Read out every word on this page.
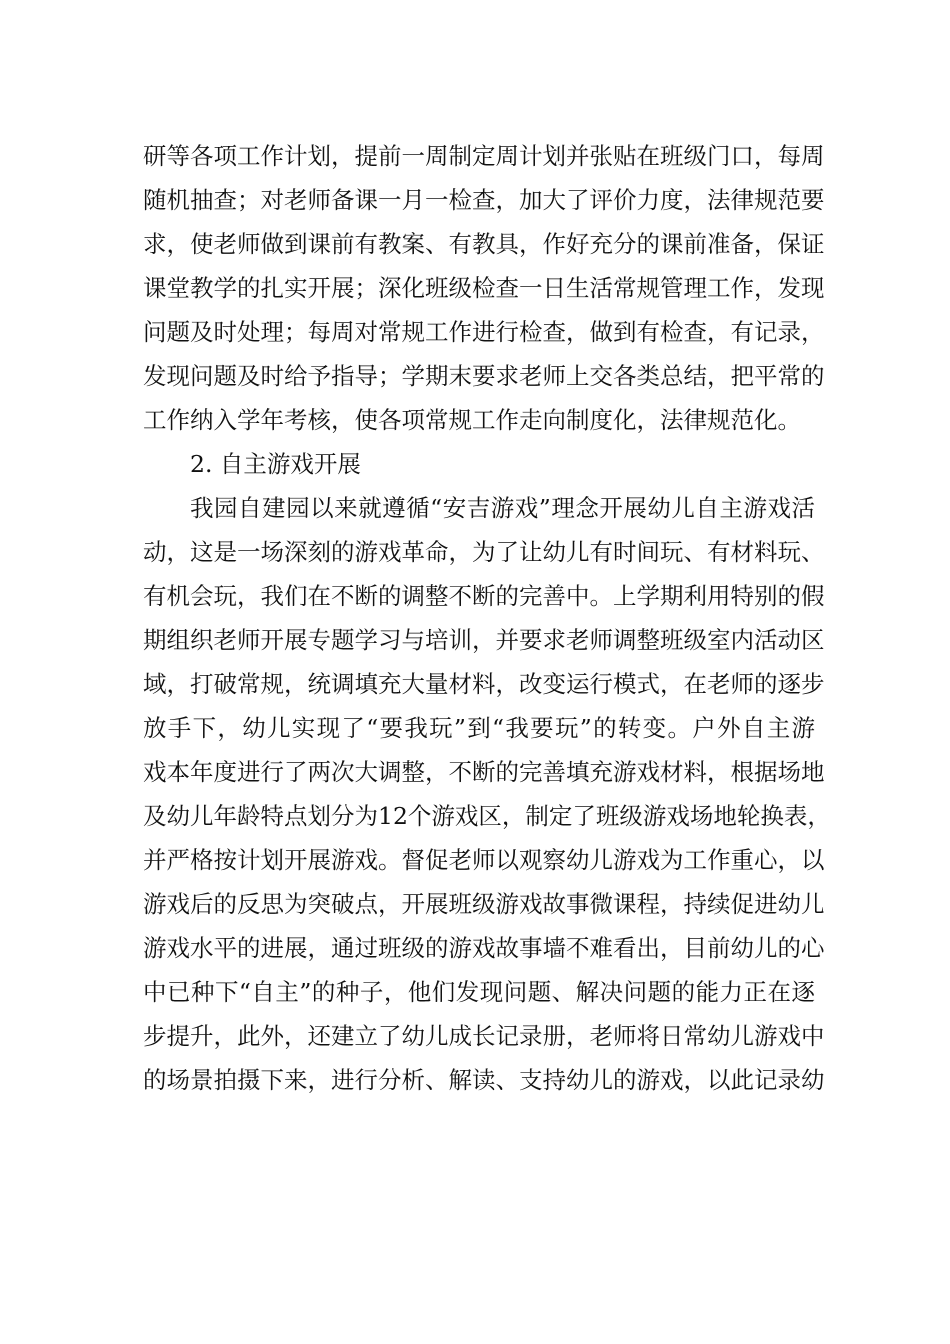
研等各项工作计划，提前一周制定周计划并张贴在班级门口，每周
随机抽查；对老师备课一月一检查，加大了评价力度，法律规范要
求，使老师做到课前有教案、有教具，作好充分的课前准备，保证
课堂教学的扎实开展；深化班级检查一日生活常规管理工作，发现
问题及时处理；每周对常规工作进行检查，做到有检查，有记录，
发现问题及时给予指导；学期末要求老师上交各类总结，把平常的
工作纳入学年考核，使各项常规工作走向制度化，法律规范化。
2. 自主游戏开展
我园自建园以来就遵循“安吉游戏”理念开展幼儿自主游戏活
动，这是一场深刻的游戏革命，为了让幼儿有时间玩、有材料玩、
有机会玩，我们在不断的调整不断的完善中。上学期利用特别的假
期组织老师开展专题学习与培训，并要求老师调整班级室内活动区
域，打破常规，统调填充大量材料，改变运行模式，在老师的逐步
放手下，幼儿实现了“要我玩”到“我要玩”的转变。户外自主游
戏本年度进行了两次大调整，不断的完善填充游戏材料，根据场地
及幼儿年龄特点划分为12个游戏区，制定了班级游戏场地轮换表，
并严格按计划开展游戏。督促老师以观察幼儿游戏为工作重心，以
游戏后的反思为突破点，开展班级游戏故事微课程，持续促进幼儿
游戏水平的进展，通过班级的游戏故事墙不难看出，目前幼儿的心
中已种下“自主”的种子，他们发现问题、解决问题的能力正在逐
步提升，此外，还建立了幼儿成长记录册，老师将日常幼儿游戏中
的场景拍摄下来，进行分析、解读、支持幼儿的游戏，以此记录幼
